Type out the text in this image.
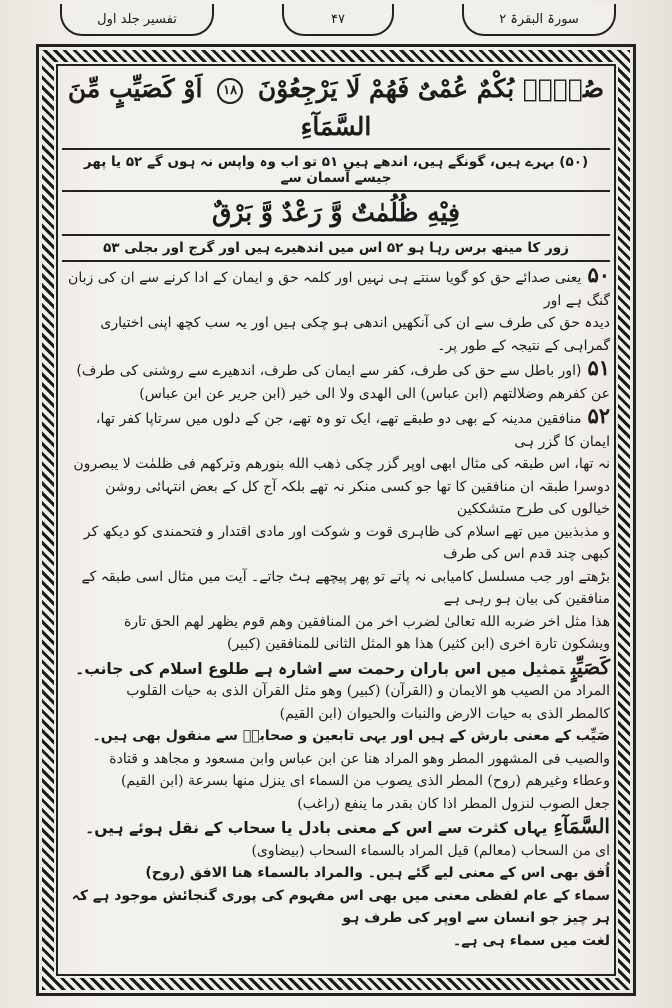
تفسیر جلد اول	۴۷	سورۃ البقرۃ ۲
صُمٌّۢ بُكْمٌ عُمْیٌ فَهُمْ لَا یَرْجِعُوْنَ ۱۸ اَوْ كَصَیِّبٍ مِّنَ السَّمَآءِ
(۵۰) بہرے ہیں، گونگے ہیں، اندھے ہیں ۵۱ تو اب وہ واپس نہ ہوں گے ۵۲ یا پھر جیسے آسمان سے
فِیْهِ ظُلُمٰتٌ وَّ رَعْدٌ وَّ بَرْقٌ
زور کا مینھ برس رہا ہو ۵۲ اس میں اندھیرے ہیں اور گرج اور بجلی ۵۳

۵۰یعنی صدائے حق کو گویا سنتے ہی نہیں اور کلمہ حق و ایمان کے ادا کرنے سے ان کی زبان گنگ ہے اور

دیدہ حق کی طرف سے ان کی آنکھیں اندھی ہو چکی ہیں اور یہ سب کچھ اپنی اختیاری گمراہی کے نتیجہ کے طور پر۔

۵۱(اور باطل سے حق کی طرف، کفر سے ایمان کی طرف، اندھیرے سے روشنی کی طرف)

عن کفرهم وضلالتهم (ابن عباس) الی الهدی ولا الی خیر (ابن جریر عن ابن عباس)

۵۲منافقین مدینہ کے بھی دو طبقے تھے، ایک تو وہ تھے، جن کے دلوں میں سرتاپا کفر تھا، ایمان کا گزر ہی

نہ تھا، اس طبقہ کی مثال ابھی اوپر گزر چکی ذهب الله بنورهم وترکهم فی ظلمٰت لا یبصرون

دوسرا طبقہ ان منافقین کا تھا جو کسی منکر نہ تھے بلکہ آج کل کے بعض انتہائی روشن خیالوں کی طرح متشککین

و مذبذبین میں تھے اسلام کی ظاہری قوت و شوکت اور مادی اقتدار و فتحمندی کو دیکھ کر کبھی چند قدم اس کی طرف

بڑھتے اور جب مسلسل کامیابی نہ پاتے تو پھر پیچھے ہٹ جاتے۔ آیت میں مثال اسی طبقہ کے منافقین کی بیان ہو رہی ہے

هذا مثل اخر ضربه الله تعالیٰ لضرب اخر من المنافقین وهم قوم یظهر لهم الحق تارة

ویشکون تارة اخری (ابن کثیر) هذا هو المثل الثانی للمنافقین (کبیر)

کَصَیِّبٍتمثیل میں اس باران رحمت سے اشارہ ہے طلوع اسلام کی جانب۔

المراد من الصیب هو الایمان و (القرآن) (کبیر) وهو مثل القرآن الذی به حیات القلوب

کالمطر الذی به حیات الارض والنبات والحیوان (ابن القیم)

صَیِّب کے معنی بارش کے ہیں اور یہی تابعین و صحابہؓ سے منقول بھی ہیں۔

والصیب فی المشهور المطر وهو المراد هنا عن ابن عباس وابن مسعود و مجاهد و قتادة

وعطاء وغیرهم (روح) المطر الذی یصوب من السماء ای ینزل منها بسرعة (ابن القیم)

جعل الصوب لنزول المطر اذا کان بقدر ما ینفع (راغب)

السَّمَآءِیہاں کثرت سے اس کے معنی بادل یا سحاب کے نقل ہوئے ہیں۔

ای من السحاب (معالم) قیل المراد بالسماء السحاب (بیضاوی)

اُفق بھی اس کے معنی لیے گئے ہیں۔ والمراد بالسماء هنا الافق (روح)

سماء کے عام لفظی معنی میں بھی اس مفہوم کی پوری گنجائش موجود ہے کہ ہر چیز جو انسان سے اوپر کی طرف ہو

لغت میں سماء ہی ہے۔
